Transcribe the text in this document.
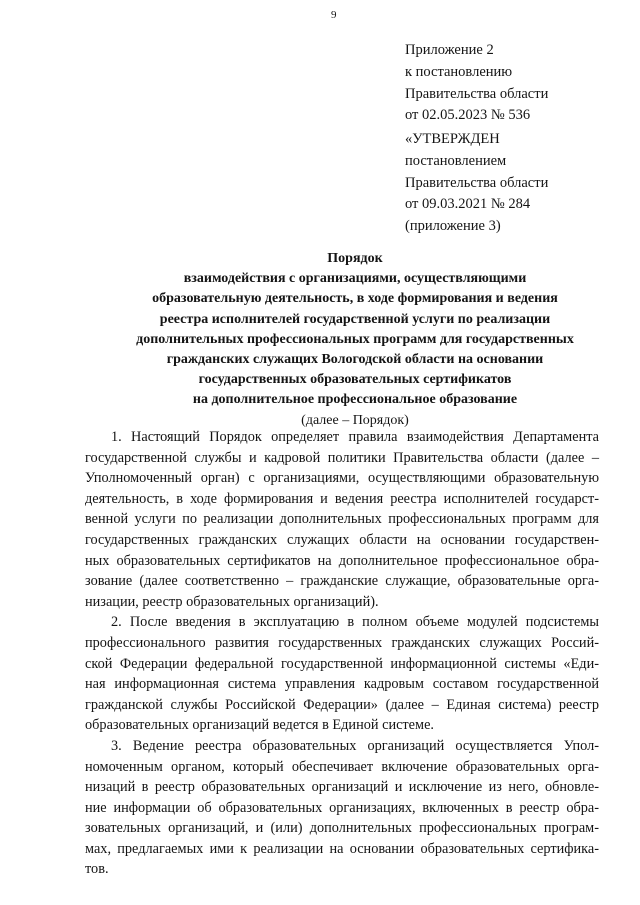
9
Приложение 2
к постановлению
Правительства области
от 02.05.2023 № 536
«УТВЕРЖДЕН
постановлением
Правительства области
от 09.03.2021 № 284
(приложение 3)
Порядок
взаимодействия с организациями, осуществляющими
образовательную деятельность, в ходе формирования и ведения
реестра исполнителей государственной услуги по реализации
дополнительных профессиональных программ для государственных
гражданских служащих Вологодской области на основании
государственных образовательных сертификатов
на дополнительное профессиональное образование
(далее – Порядок)
1. Настоящий Порядок определяет правила взаимодействия Департамента
государственной службы и кадровой политики Правительства области (далее –
Уполномоченный орган) с организациями, осуществляющими образовательную
деятельность, в ходе формирования и ведения реестра исполнителей государст-
венной услуги по реализации дополнительных профессиональных программ для
государственных гражданских служащих области на основании государствен-
ных образовательных сертификатов на дополнительное профессиональное обра-
зование (далее соответственно – гражданские служащие, образовательные орга-
низации, реестр образовательных организаций).
2. После введения в эксплуатацию в полном объеме модулей подсистемы
профессионального развития государственных гражданских служащих Россий-
ской Федерации федеральной государственной информационной системы «Еди-
ная информационная система управления кадровым составом государственной
гражданской службы Российской Федерации» (далее – Единая система) реестр
образовательных организаций ведется в Единой системе.
3. Ведение реестра образовательных организаций осуществляется Упол-
номоченным органом, который обеспечивает включение образовательных орга-
низаций в реестр образовательных организаций и исключение из него, обновле-
ние информации об образовательных организациях, включенных в реестр обра-
зовательных организаций, и (или) дополнительных профессиональных програм-
мах, предлагаемых ими к реализации на основании образовательных сертифика-
тов.
